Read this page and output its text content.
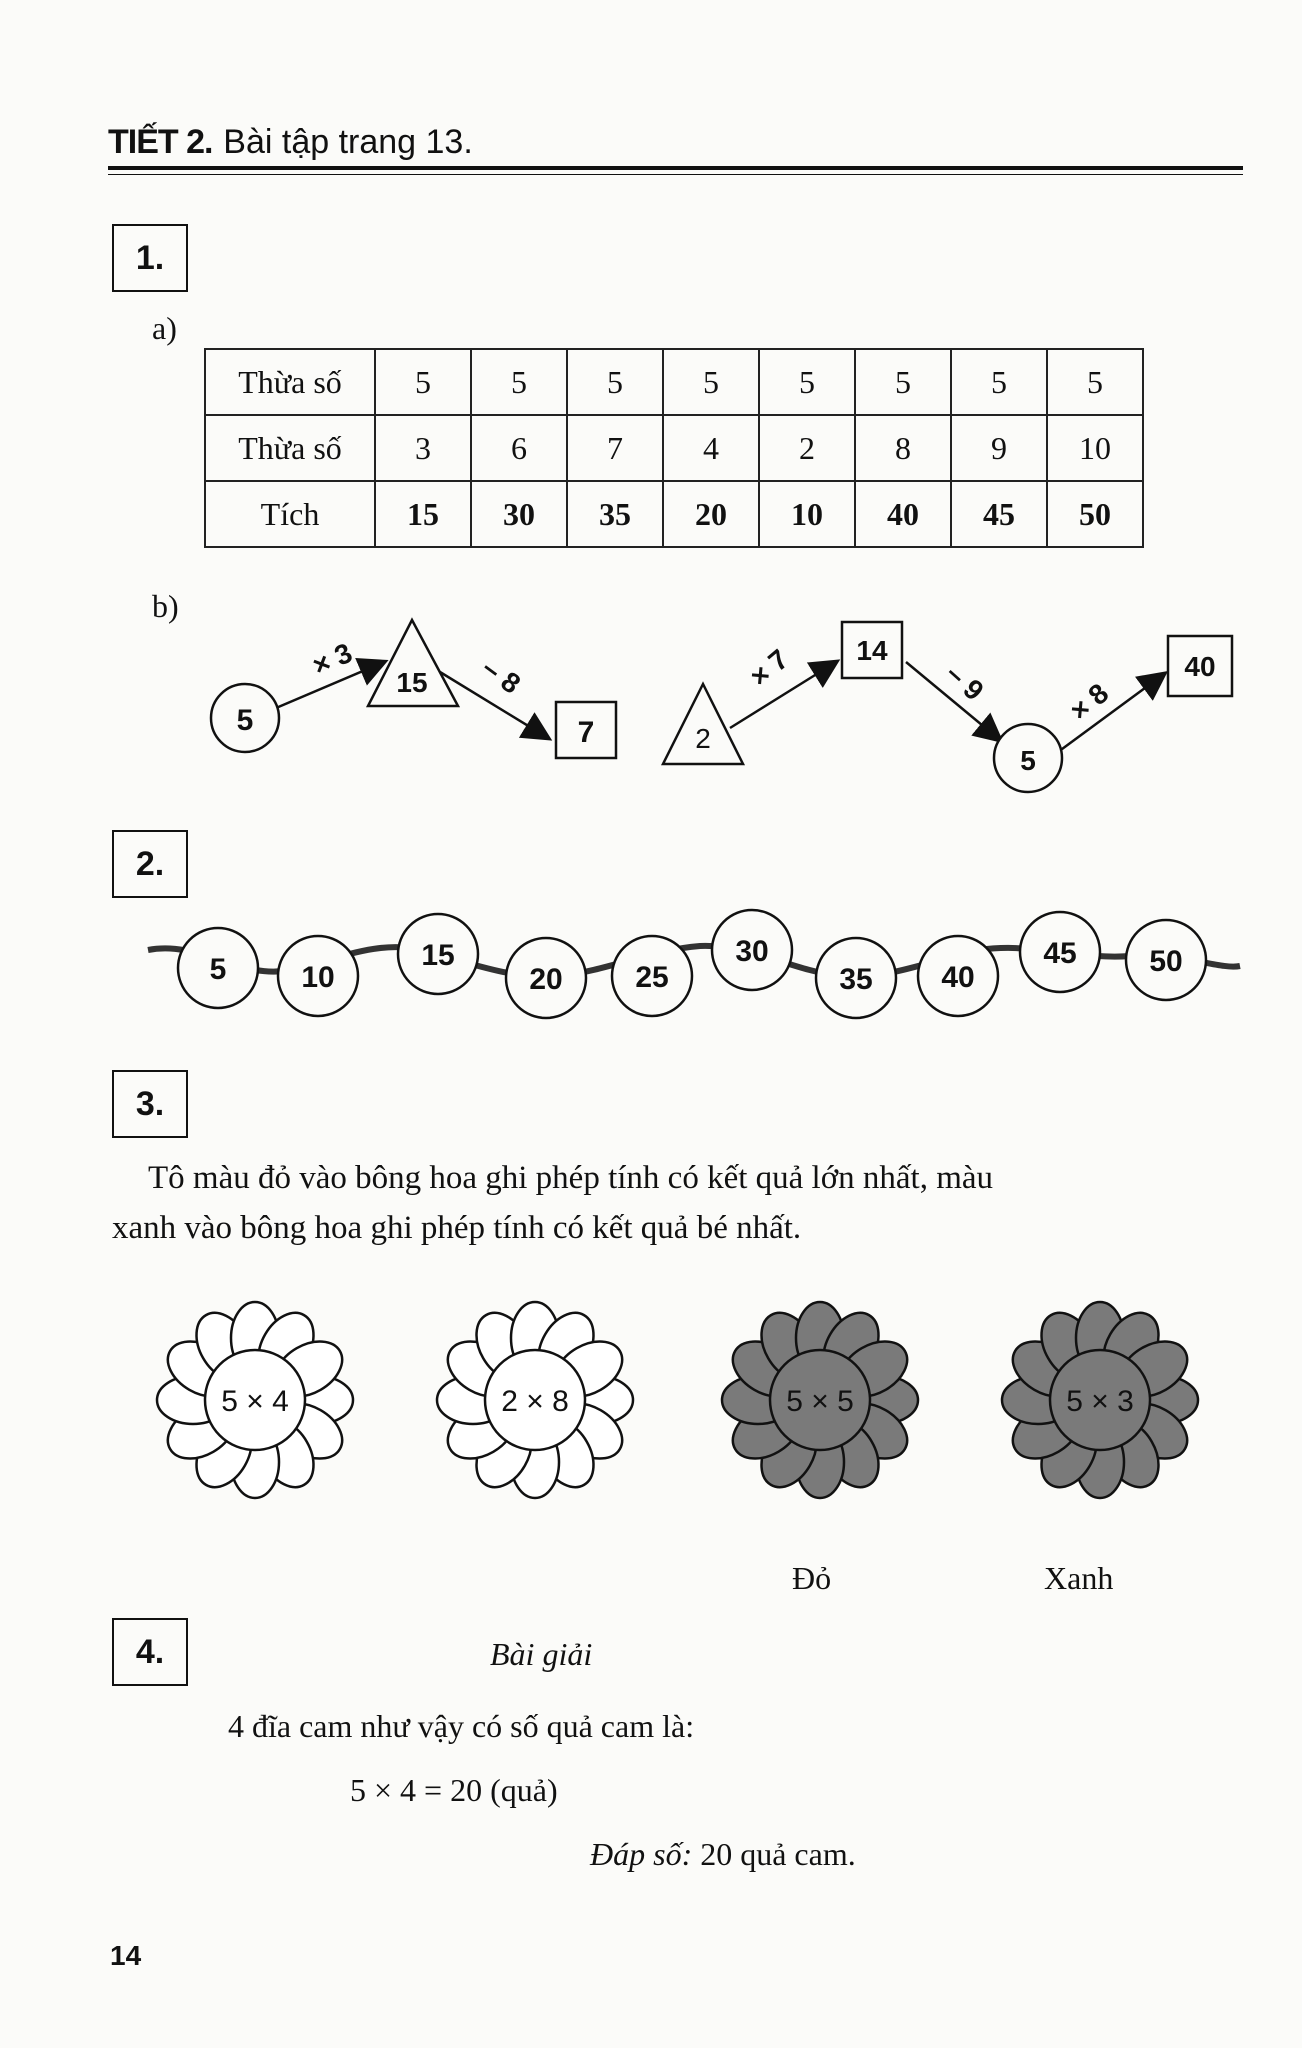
TIẾT 2. Bài tập trang 13.
1.
a)
Thừa số	5	5	5	5	5	5	5	5
Thừa số	3	6	7	4	2	8	9	10
Tích	15	30	35	20	10	40	45	50
b)
5
15
7
× 3	– 8
2
14
5
40
× 7	– 9	× 8
2.
5 10
15
20 25
30
35 40
45 50
3.
Tô màu đỏ vào bông hoa ghi phép tính có kết quả lớn nhất, màu
xanh vào bông hoa ghi phép tính có kết quả bé nhất.
5 × 4	2 × 8	5 × 5	5 × 3
Đỏ	Xanh
4.	Bài giải
4 đĩa cam như vậy có số quả cam là:
5 × 4 = 20 (quả)
Đáp số: 20 quả cam.
14
